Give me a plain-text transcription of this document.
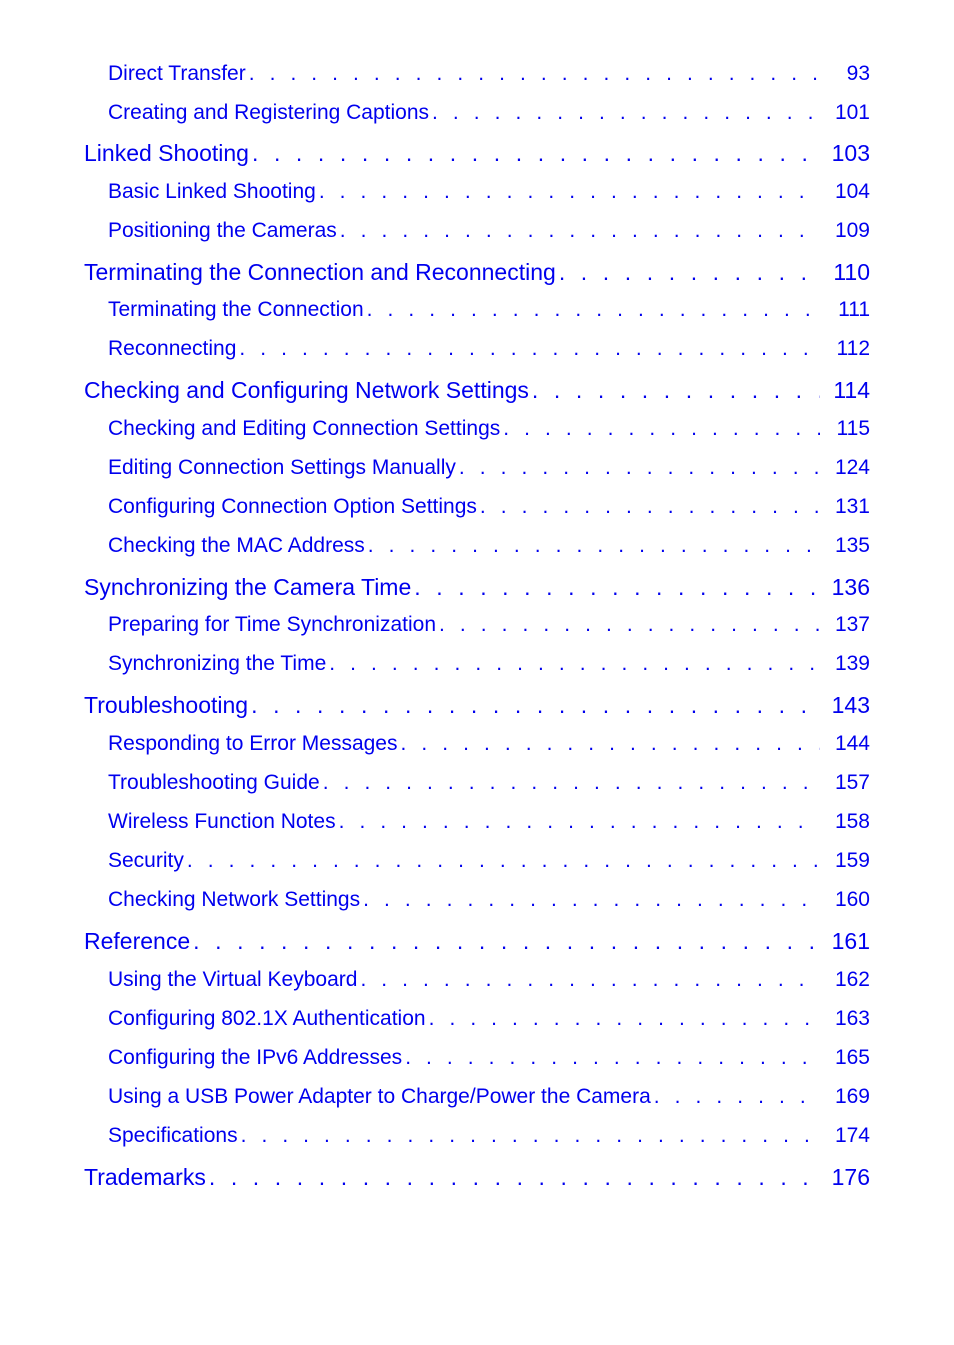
Direct Transfer . . .	93
Creating and Registering Captions . . .	101
Linked Shooting . . .	103
Basic Linked Shooting . . .	104
Positioning the Cameras . . .	109
Terminating the Connection and Reconnecting . . .	110
Terminating the Connection . . .	111
Reconnecting . . .	112
Checking and Configuring Network Settings . . .	114
Checking and Editing Connection Settings . . .	115
Editing Connection Settings Manually . . .	124
Configuring Connection Option Settings . . .	131
Checking the MAC Address . . .	135
Synchronizing the Camera Time . . .	136
Preparing for Time Synchronization . . .	137
Synchronizing the Time . . .	139
Troubleshooting . . .	143
Responding to Error Messages . . .	144
Troubleshooting Guide . . .	157
Wireless Function Notes . . .	158
Security . . .	159
Checking Network Settings . . .	160
Reference . . .	161
Using the Virtual Keyboard . . .	162
Configuring 802.1X Authentication . . .	163
Configuring the IPv6 Addresses . . .	165
Using a USB Power Adapter to Charge/Power the Camera . . .	169
Specifications . . .	174
Trademarks . . .	176
